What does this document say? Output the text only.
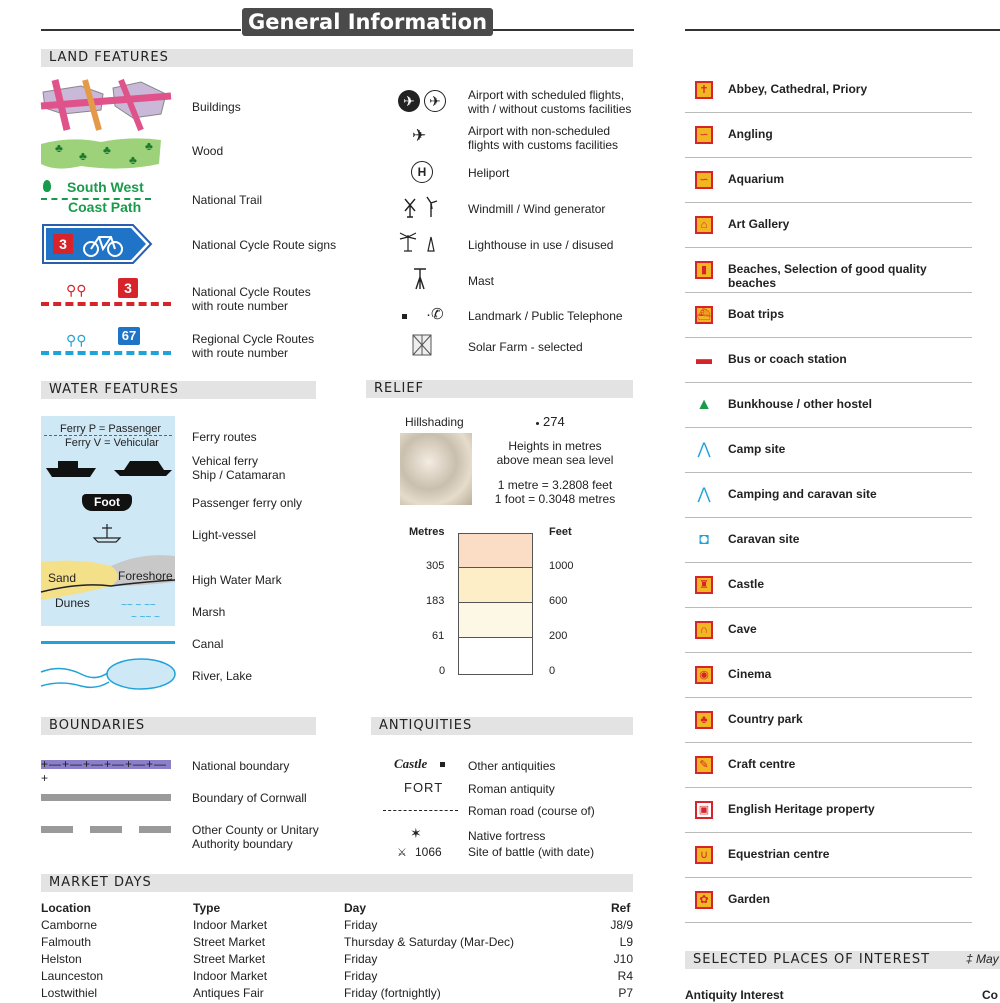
General Information
LAND FEATURES
Buildings
♣
♣ ♣
♣
♣	Wood
South West
Coast Path	National Trail
3	National Cycle Route signs
⚲⚲	3	National Cycle Routes
with route number
⚲⚲	67	Regional Cycle Routes
with route number
✈	✈	Airport with scheduled flights,
with / without customs facilities
✈	Airport with non-scheduled
flights with customs facilities
H	Heliport
Windmill / Wind generator
Lighthouse in use / disused
Mast
·✆ Landmark / Public Telephone
Solar Farm - selected
WATER FEATURES
Ferry P = Passenger
Ferry V = Vehicular
Foot
~~ ~ ~~
~ ~~ ~
Sand	Foreshore
Dunes
Ferry routes
Vehical ferry
Ship / Catamaran
Passenger ferry only
Light-vessel
High Water Mark
Marsh
Canal
River, Lake
RELIEF
Hillshading	274
Heights in metres
above mean sea level
1 metre = 3.2808 feet
1 foot = 0.3048 metres
Metres	Feet
305
183
61
0
1000
600
200
0
BOUNDARIES
+—+—+—+—+—+—+
National boundary
Boundary of Cornwall
Other County or Unitary
Authority boundary
ANTIQUITIES
Castle
FORT
✶
⚔ 1066
Other antiquities
Roman antiquity
Roman road (course of)
Native fortress
Site of battle (with date)
MARKET DAYS
Location	Type	Day	Ref
Camborne	Indoor Market	Friday	J8/9
Falmouth	Street Market	Thursday & Saturday (Mar-Dec)	L9
Helston	Street Market	Friday	J10
Launceston	Indoor Market	Friday	R4
Lostwithiel	Antiques Fair	Friday (fortnightly)	P7
✝	Abbey, Cathedral, Priory
∽	Angling
∽	Aquarium
⌂	Art Gallery
▮	Beaches, Selection of good quality beaches
⛴ Boat trips
▬ Bus or coach station
▲ Bunkhouse / other hostel
⋀ Camp site
⋀ Camping and caravan site
◘	Caravan site
♜	Castle
∩	Cave
◉	Cinema
♣	Country park
✎	Craft centre
▣	English Heritage property
∪	Equestrian centre
✿	Garden
SELECTED PLACES OF INTEREST	‡ May
Antiquity Interest	Co
